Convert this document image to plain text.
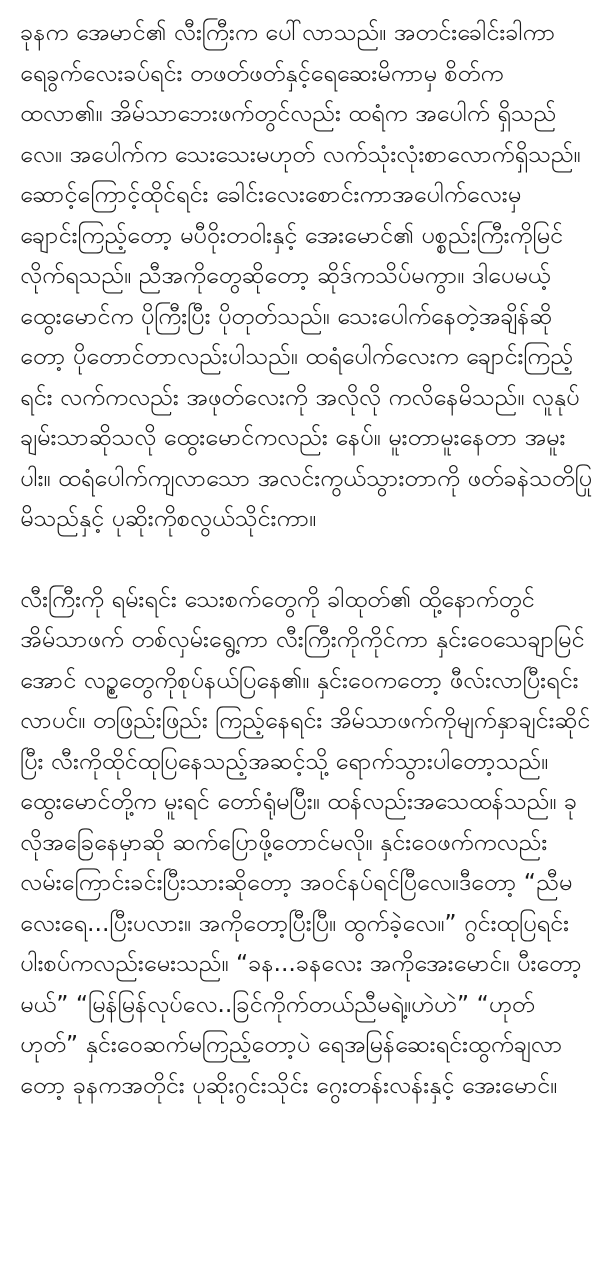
ခုနက အေမာင်၏ လီးကြီးက ပေါ်လာသည်။ အတင်းခေါင်းခါကာ ရေခွက်လေးခပ်ရင်း တဖတ်ဖတ်နှင့်ရေဆေးမိကာမှ စိတ်က ထလာ၏။ အိမ်သာဘေးဖက်တွင်လည်း ထရံက အပေါက် ရှိသည်လေ။ အပေါက်က သေးသေးမဟုတ် လက်သုံးလုံးစာလောက်ရှိသည်။ ဆောင့်ကြောင့်ထိုင်ရင်း ခေါင်းလေးစောင်းကာအပေါက်လေးမှချောင်းကြည့်တော့ မပီဝိုးတဝါးနှင့် အေးမောင်၏ ပစ္စည်းကြီးကိုမြင်လိုက်ရသည်။ ညီအကိုတွေဆိုတော့ ဆိုဒ်ကသိပ်မကွာ။ ဒါပေမယ့် ထွေးမောင်က ပိုကြီးပြီး ပိုတုတ်သည်။ သေးပေါက်နေတဲ့အချိန်ဆိုတော့ ပိုတောင်တာလည်းပါသည်။ ထရံပေါက်လေးက ချောင်းကြည့်ရင်း လက်ကလည်း အဖုတ်လေးကို အလိုလို ကလိနေမိသည်။ လူနုပ်ချမ်းသာဆိုသလို ထွေးမောင်ကလည်း နေပ်။ မူးတာမူးနေတာ အမူးပါး။ ထရံပေါက်ကျလာသော အလင်းကွယ်သွားတာကို ဖတ်ခနဲသတိပြုမိသည်နှင့် ပုဆိုးကိုစလွယ်သိုင်းကာ။

လီးကြီးကို ရမ်းရင်း သေးစက်တွေကို ခါထုတ်၏ ထို့နောက်တွင် အိမ်သာဖက် တစ်လှမ်းရွေ့ကာ လီးကြီးကိုကိုင်ကာ နှင်းဝေသေချာမြင်အောင် လဥ္စတွေကိုစုပ်နယ်ပြနေ၏။ နှင်းဝေကတော့ ဖီလ်းလာပြီးရင်းလာပင်။ တဖြည်းဖြည်း ကြည့်နေရင်း အိမ်သာဖက်ကိုမျက်နှာချင်းဆိုင်ပြီး လီးကိုထိုင်ထုပြနေသည့်အဆင့်သို့ ရောက်သွားပါတော့သည်။ ထွေးမောင်တို့က မူးရင် တော်ရုံမပြီး။ ထန်လည်းအသေထန်သည်။ ခုလိုအခြေနေမှာဆို ဆက်ပြောဖို့တောင်မလို။ နှင်းဝေဖက်ကလည်း လမ်းကြောင်းခင်းပြီးသားဆိုတော့ အဝင်နပ်ရင်ပြီလေ။ဒီတော့ “ညီမလေးရေ...ပြီးပလား။ အကိုတော့ပြီးပြီ။ ထွက်ခဲ့လေ။” ဂွင်းထုပြရင်း ပါးစပ်ကလည်းမေးသည်။ “ခန...ခနလေး အကိုအေးမောင်။ ပီးတော့မယ်” “မြန်မြန်လုပ်လေ..ခြင်ကိုက်တယ်ညီမရဲ့။ဟဲဟဲ” “ဟုတ်ဟုတ်” နှင်းဝေဆက်မကြည့်တော့ပဲ ရေအမြန်ဆေးရင်းထွက်ချလာတော့ ခုနကအတိုင်း ပုဆိုးဂွင်းသိုင်း ဂွေးတန်းလန်းနှင့် အေးမောင်။
